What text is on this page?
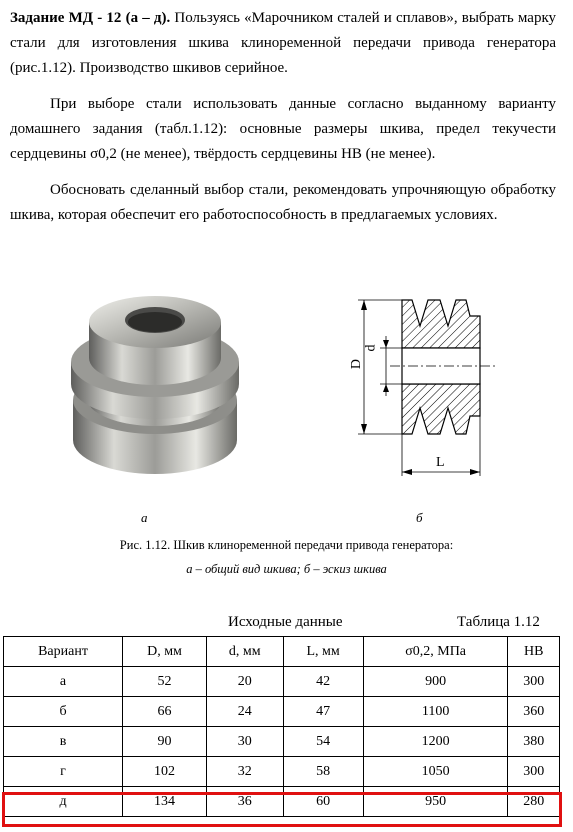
Задание МД - 12 (а – д). Пользуясь «Марочником сталей и сплавов», выбрать марку стали для изготовления шкива клиноременной передачи привода генератора (рис.1.12). Производство шкивов серийное.
При выборе стали использовать данные согласно выданному варианту домашнего задания (табл.1.12): основные размеры шкива, предел текучести сердцевины σ0,2 (не менее), твёрдость сердцевины НВ (не менее).
Обосновать сделанный выбор стали, рекомендовать упрочняющую обработку шкива, которая обеспечит его работоспособность в предлагаемых условиях.
а
D
d
L
б
Рис. 1.12. Шкив клиноременной передачи привода генератора:
а – общий вид шкива; б – эскиз шкива
Исходные данные	Таблица 1.12
Вариант	D, мм	d, мм	L, мм	σ0,2, МПа	HB
а	52	20	42	900	300
б	66	24	47	1100	360
в	90	30	54	1200	380
г	102	32	58	1050	300
д	134	36	60	950	280
